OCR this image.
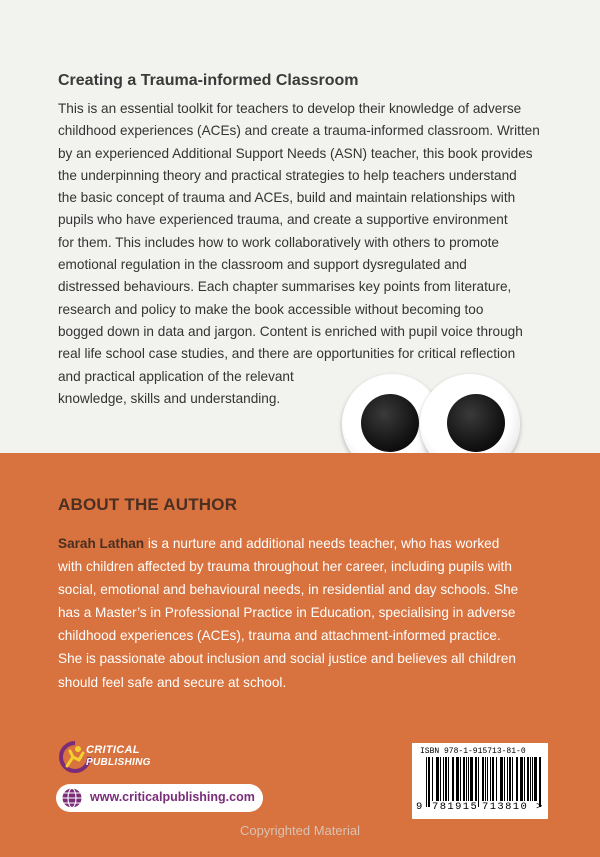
Creating a Trauma-informed Classroom

This is an essential toolkit for teachers to develop their knowledge of adverse
childhood experiences (ACEs) and create a trauma-informed classroom. Written
by an experienced Additional Support Needs (ASN) teacher, this book provides
the underpinning theory and practical strategies to help teachers understand
the basic concept of trauma and ACEs, build and maintain relationships with
pupils who have experienced trauma, and create a supportive environment
for them. This includes how to work collaboratively with others to promote
emotional regulation in the classroom and support dysregulated and
distressed behaviours. Each chapter summarises key points from literature,
research and policy to make the book accessible without becoming too
bogged down in data and jargon. Content is enriched with pupil voice through
real life school case studies, and there are opportunities for critical reflection
and practical application of the relevant
knowledge, skills and understanding.

ABOUT THE AUTHOR

Sarah Lathan is a nurture and additional needs teacher, who has worked
with children affected by trauma throughout her career, including pupils with
social, emotional and behavioural needs, in residential and day schools. She
has a Master’s in Professional Practice in Education, specialising in adverse
childhood experiences (ACEs), trauma and attachment-informed practice.
She is passionate about inclusion and social justice and believes all children
should feel safe and secure at school.

CRITICAL
PUBLISHING
www.criticalpublishing.com
ISBN 978-1-915713-81-0
9 781915 713810 >
Copyrighted Material
